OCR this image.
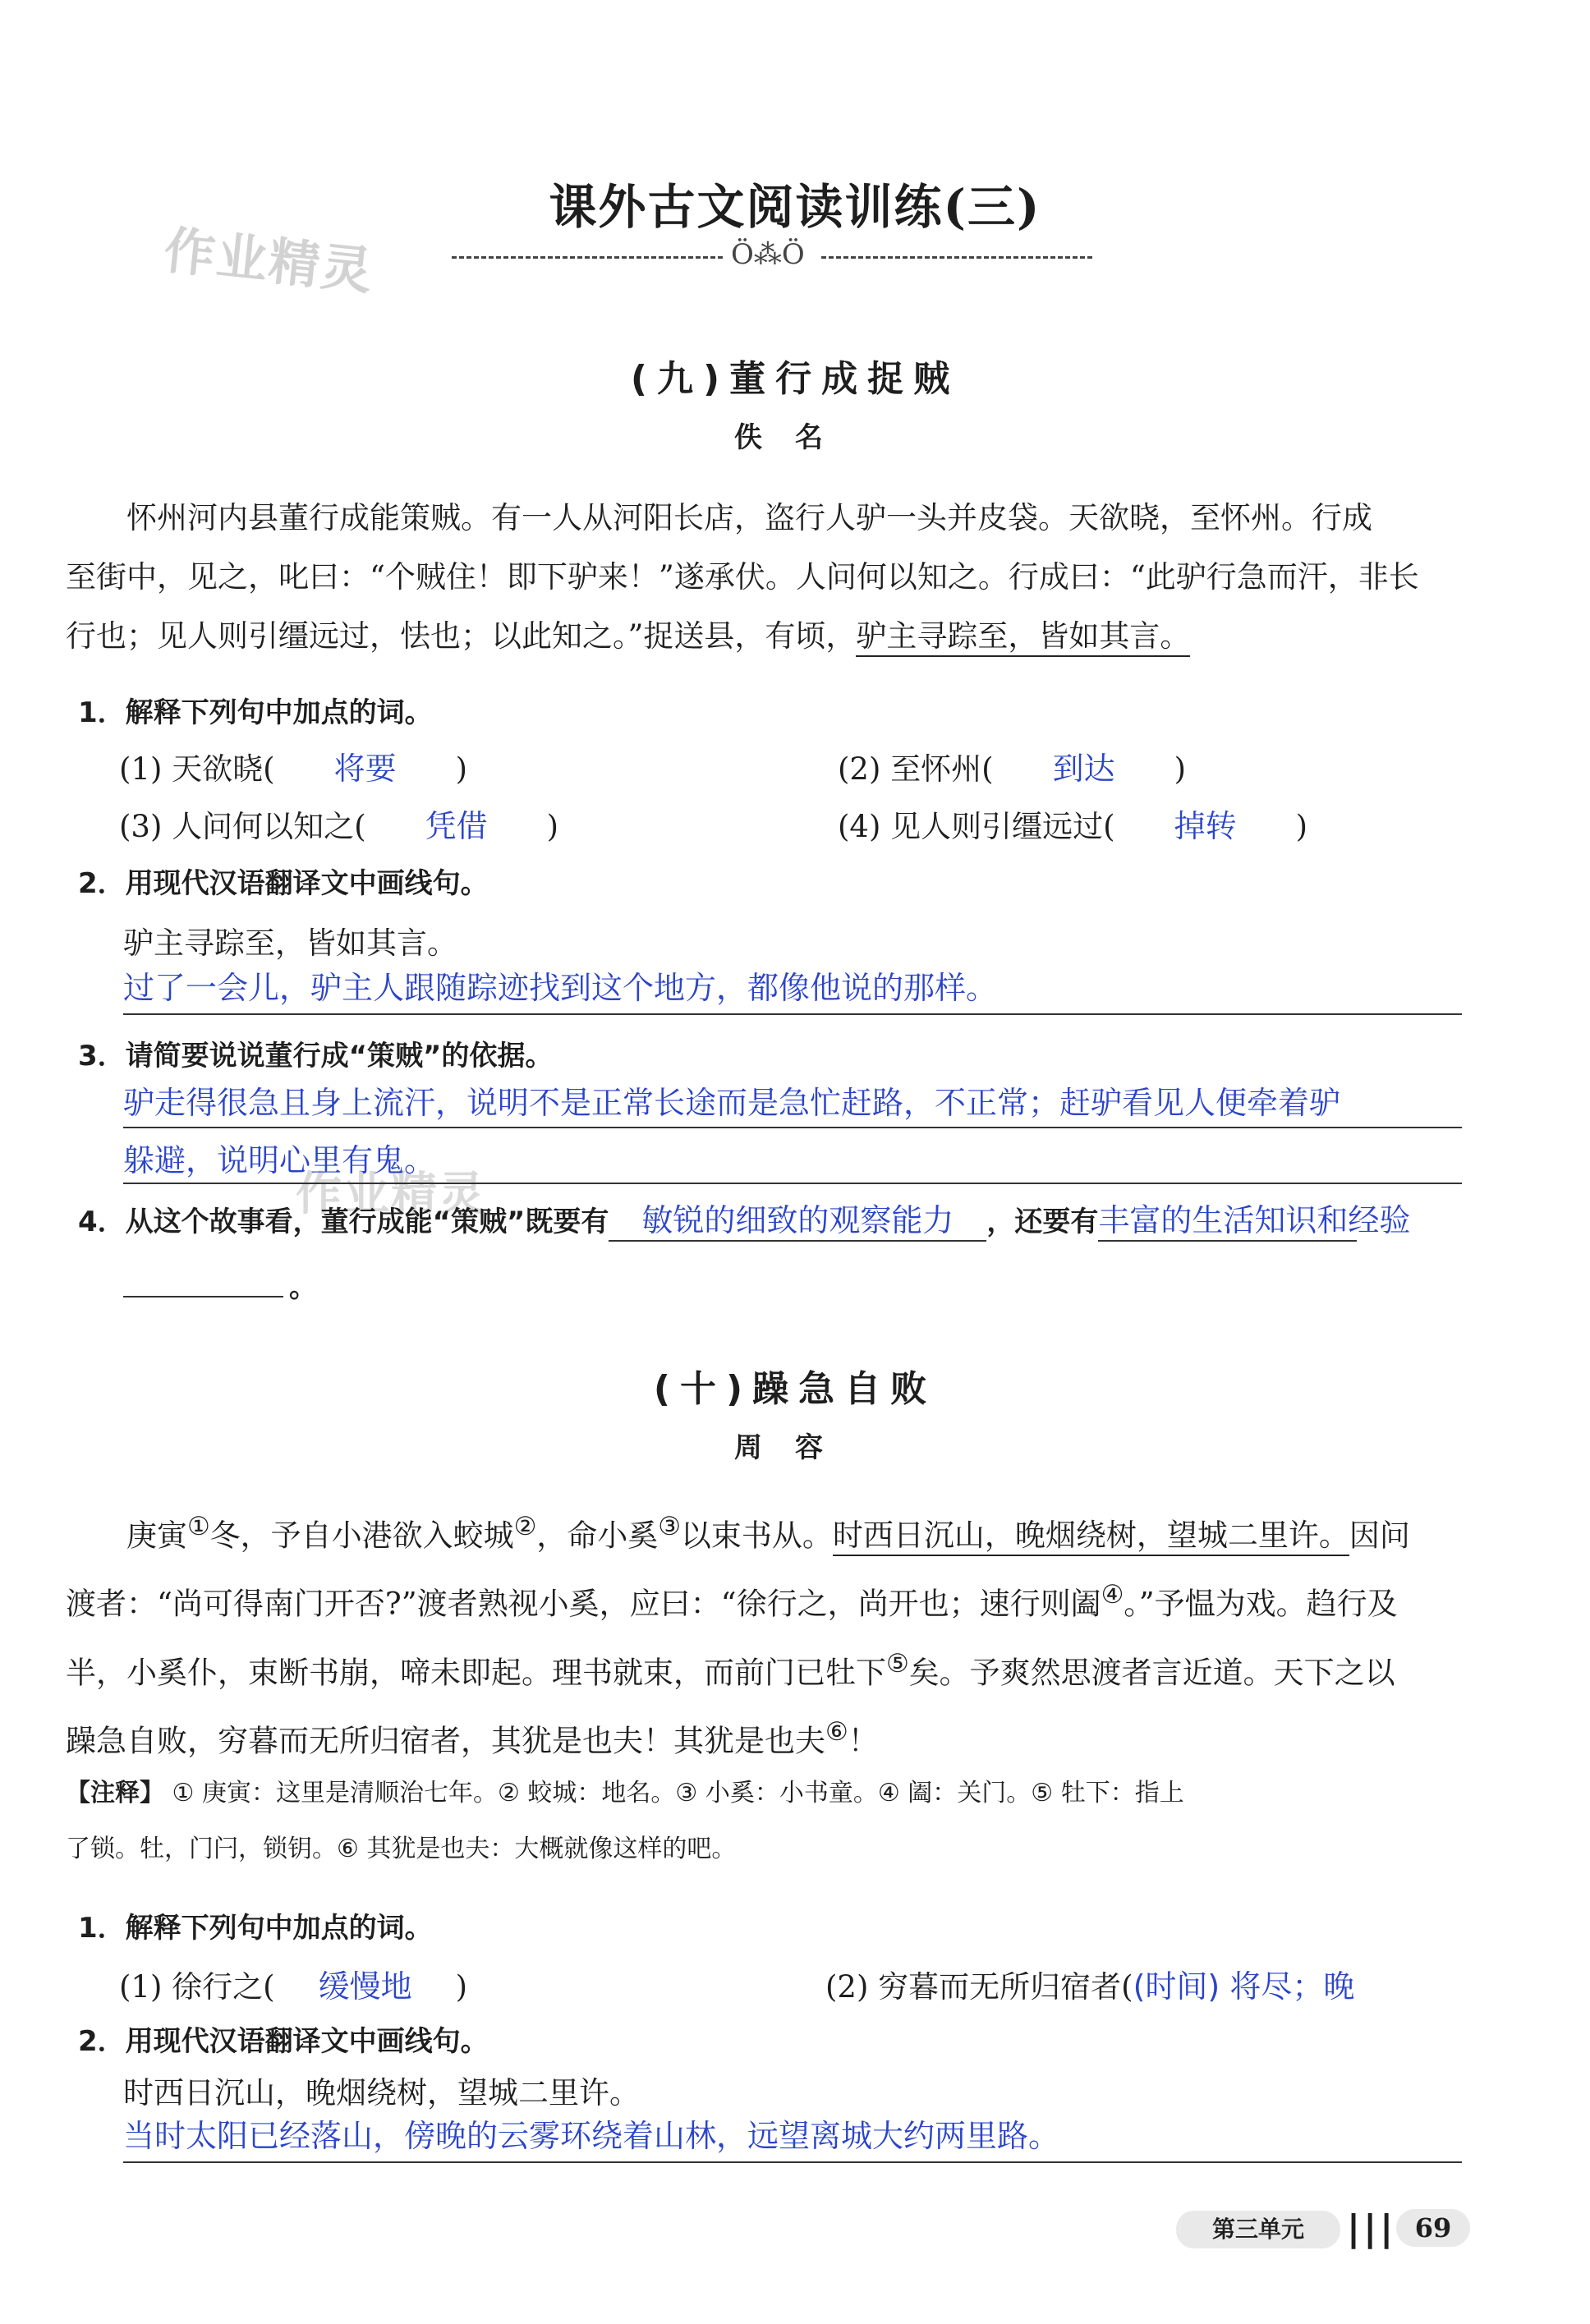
作业精灵
作业精灵
课外古文阅读训练(三)
Ö⁂Ö
(九)董行成捉贼
佚名

怀州河内县董行成能策贼。有一人从河阳长店，盗行人驴一头并皮袋。天欲晓，至怀州。行成

至街中，见之，叱曰：“个贼住！即下驴来！”遂承伏。人问何以知之。行成曰：“此驴行急而汗，非长

行也；见人则引缰远过，怯也；以此知之。”捉送县，有顷，驴主寻踪至，皆如其言。

1．解释下列句中加点的词。
(1) 天欲晓( 将要 )	(2) 至怀州( 到达 )
(3) 人问何以知之( 凭借 )	(4) 见人则引缰远过( 掉转 )
2．用现代汉语翻译文中画线句。
驴主寻踪至，皆如其言。
过了一会儿，驴主人跟随踪迹找到这个地方，都像他说的那样。
3．请简要说说董行成“策贼”的依据。
驴走得很急且身上流汗，说明不是正常长途而是急忙赶路，不正常；赶驴看见人便牵着驴
躲避，说明心里有鬼。
4．从这个故事看，董行成能“策贼”既要有 敏锐的细致的观察能力 ，还要有丰富的生活知识和经验
。
(十)躁急自败
周容

庚寅①冬，予自小港欲入蛟城②，命小奚③以束书从。时西日沉山，晚烟绕树，望城二里许。因问

渡者：“尚可得南门开否?”渡者熟视小奚，应曰：“徐行之，尚开也；速行则阖④。”予愠为戏。趋行及

半，小奚仆，束断书崩，啼未即起。理书就束，而前门已牡下⑤矣。予爽然思渡者言近道。天下之以

躁急自败，穷暮而无所归宿者，其犹是也夫！其犹是也夫⑥！

【注释】 ① 庚寅：这里是清顺治七年。② 蛟城：地名。③ 小奚：小书童。④ 阖：关门。⑤ 牡下：指上
了锁。牡，门闩，锁钥。⑥ 其犹是也夫：大概就像这样的吧。
1．解释下列句中加点的词。
(1) 徐行之( 缓慢地 )	(2) 穷暮而无所归宿者((时间) 将尽；晚
2．用现代汉语翻译文中画线句。
时西日沉山，晚烟绕树，望城二里许。
当时太阳已经落山，傍晚的云雾环绕着山林，远望离城大约两里路。
第三单元	||| 69
